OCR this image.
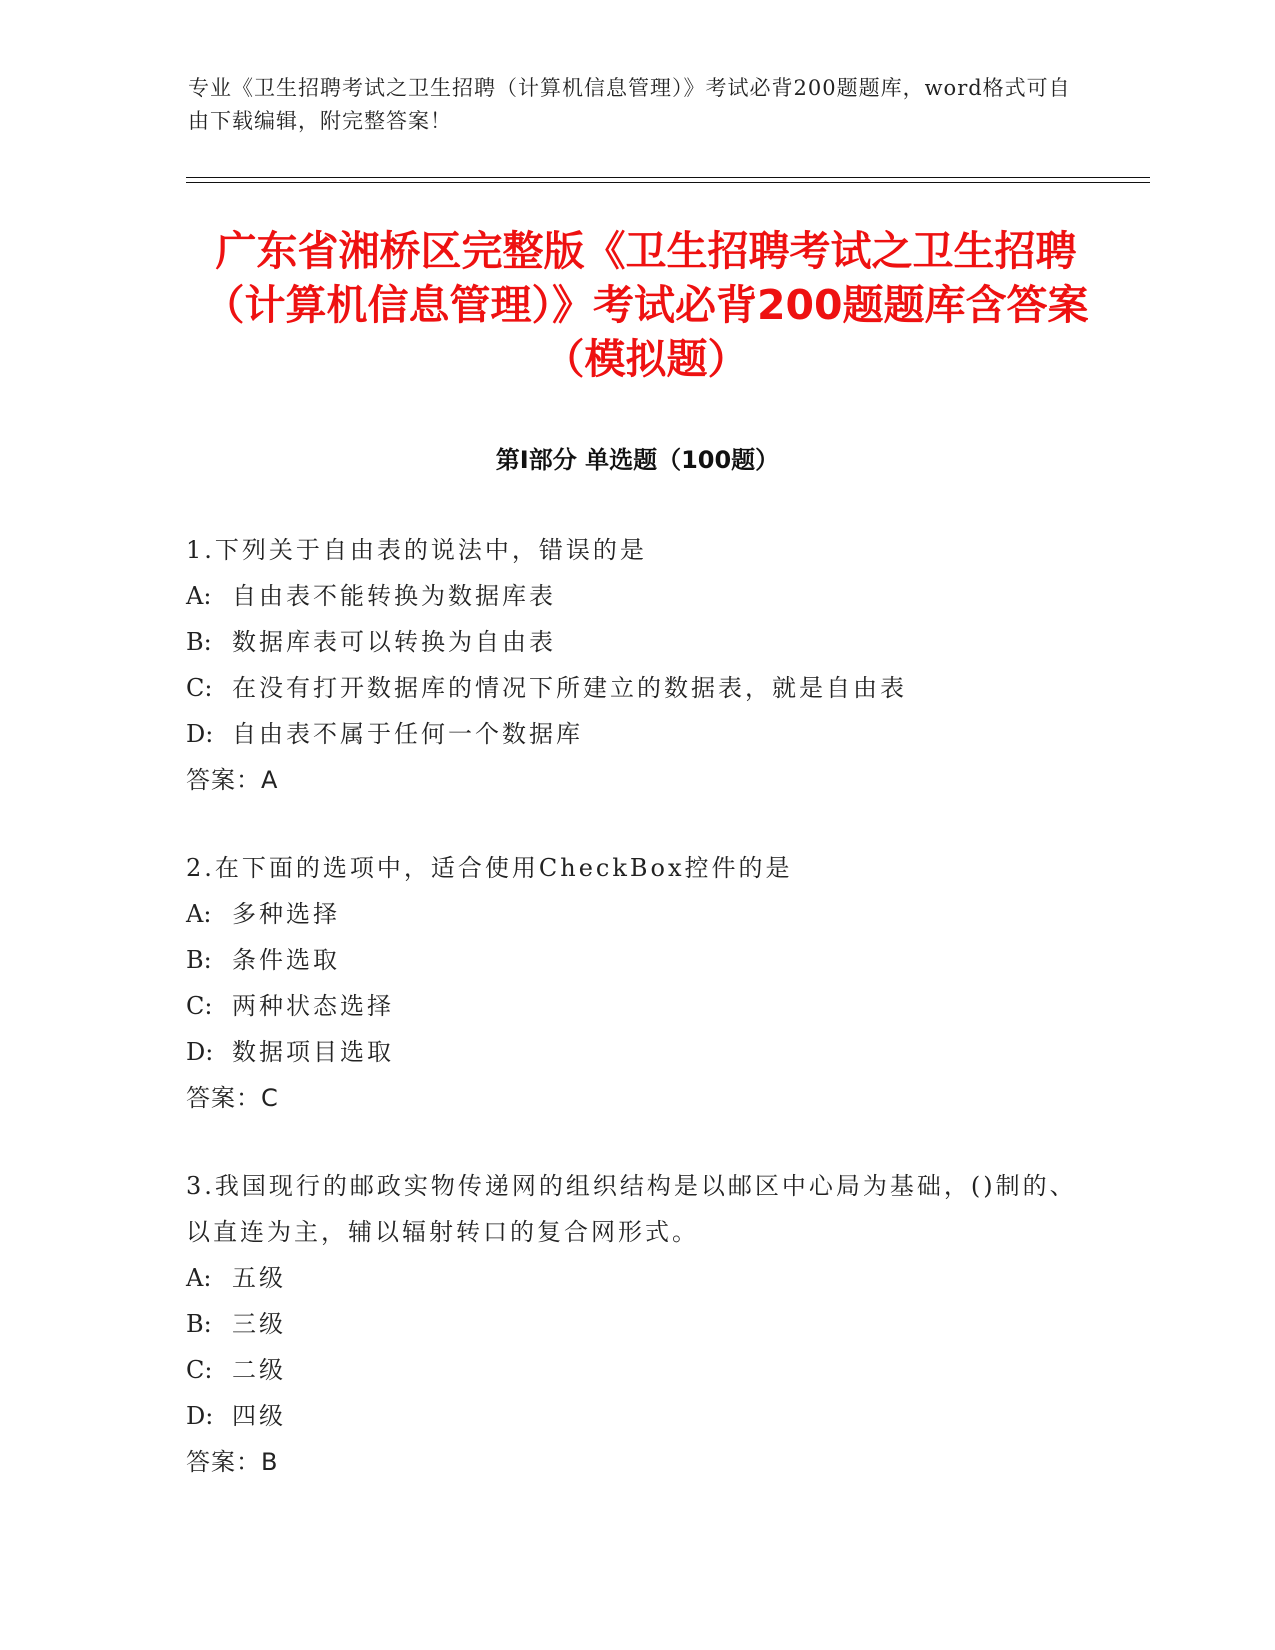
专业《卫生招聘考试之卫生招聘（计算机信息管理）》考试必背200题题库，word格式可自由下载编辑，附完整答案！
广东省湘桥区完整版《卫生招聘考试之卫生招聘（计算机信息管理）》考试必背200题题库含答案（模拟题）
第Ⅰ部分 单选题（100题）
1.下列关于自由表的说法中，错误的是
A: 自由表不能转换为数据库表
B: 数据库表可以转换为自由表
C: 在没有打开数据库的情况下所建立的数据表，就是自由表
D: 自由表不属于任何一个数据库
答案：A
2.在下面的选项中，适合使用CheckBox控件的是
A: 多种选择
B: 条件选取
C: 两种状态选择
D: 数据项目选取
答案：C
3.我国现行的邮政实物传递网的组织结构是以邮区中心局为基础，()制的、以直连为主，辅以辐射转口的复合网形式。
A: 五级
B: 三级
C: 二级
D: 四级
答案：B
